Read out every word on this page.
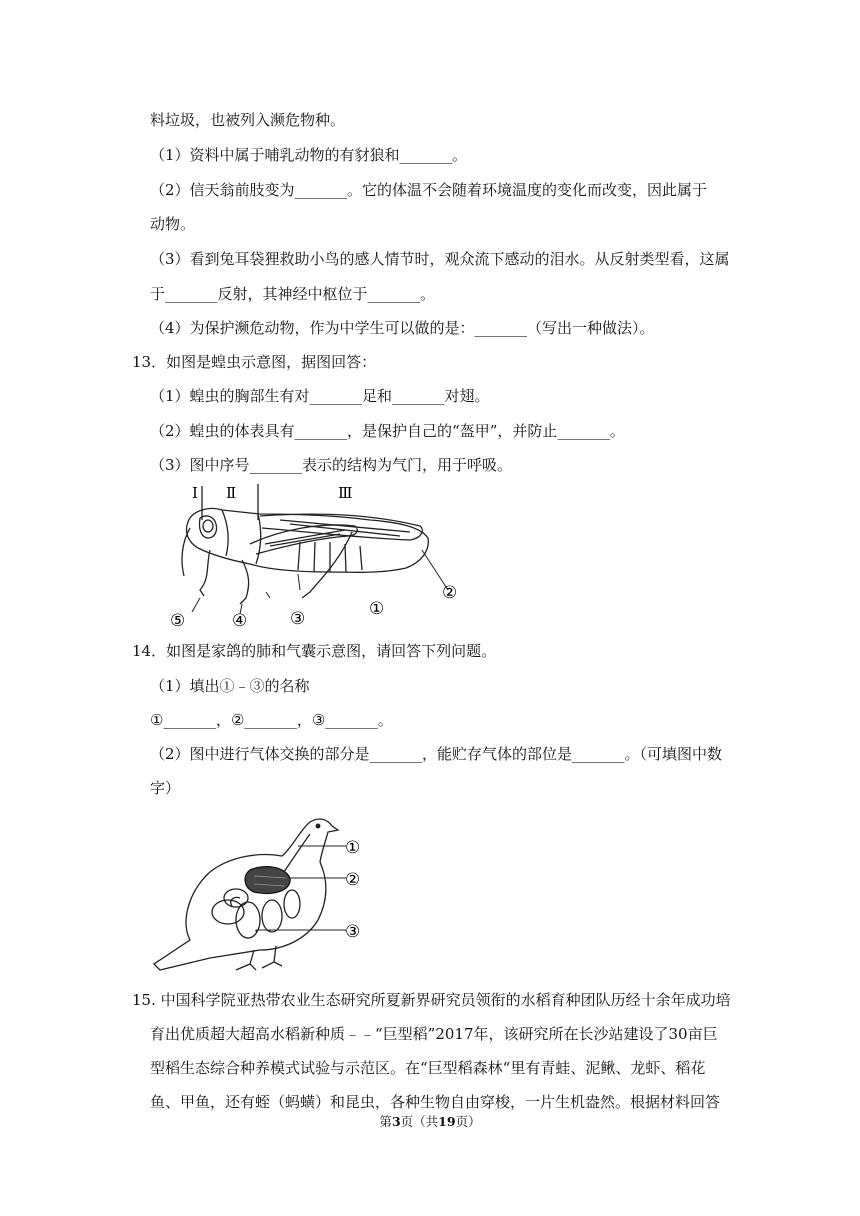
料垃圾，也被列入濒危物种。
（1）资料中属于哺乳动物的有豺狼和_______。
（2）信天翁前肢变为_______。它的体温不会随着环境温度的变化而改变，因此属于
动物。
（3）看到兔耳袋狸救助小鸟的感人情节时，观众流下感动的泪水。从反射类型看，这属
于_______反射，其神经中枢位于_______。
（4）为保护濒危动物，作为中学生可以做的是：_______（写出一种做法）。
13．如图是蝗虫示意图，据图回答：
（1）蝗虫的胸部生有对_______足和_______对翅。
（2）蝗虫的体表具有_______，是保护自己的“盔甲”，并防止_______。
（3）图中序号_______表示的结构为气门，用于呼吸。
Ⅰ Ⅱ	Ⅲ
①
②
③
④
⑤
14．如图是家鸽的肺和气囊示意图，请回答下列问题。
（1）填出①﹣③的名称
①_______，②_______，③_______。
（2）图中进行气体交换的部分是_______，能贮存气体的部位是_______。（可填图中数
字）
①
②
③
15. 中国科学院亚热带农业生态研究所夏新界研究员领衔的水稻育种团队历经十余年成功培
育出优质超大超高水稻新种质﹣﹣“巨型稻”2017年，该研究所在长沙站建设了30亩巨
型稻生态综合种养模式试验与示范区。在“巨型稻森林“里有青蛙、泥鳅、龙虾、稻花
鱼、甲鱼，还有蛭（蚂蟥）和昆虫，各种生物自由穿梭，一片生机盎然。根据材料回答
第3页（共19页）
